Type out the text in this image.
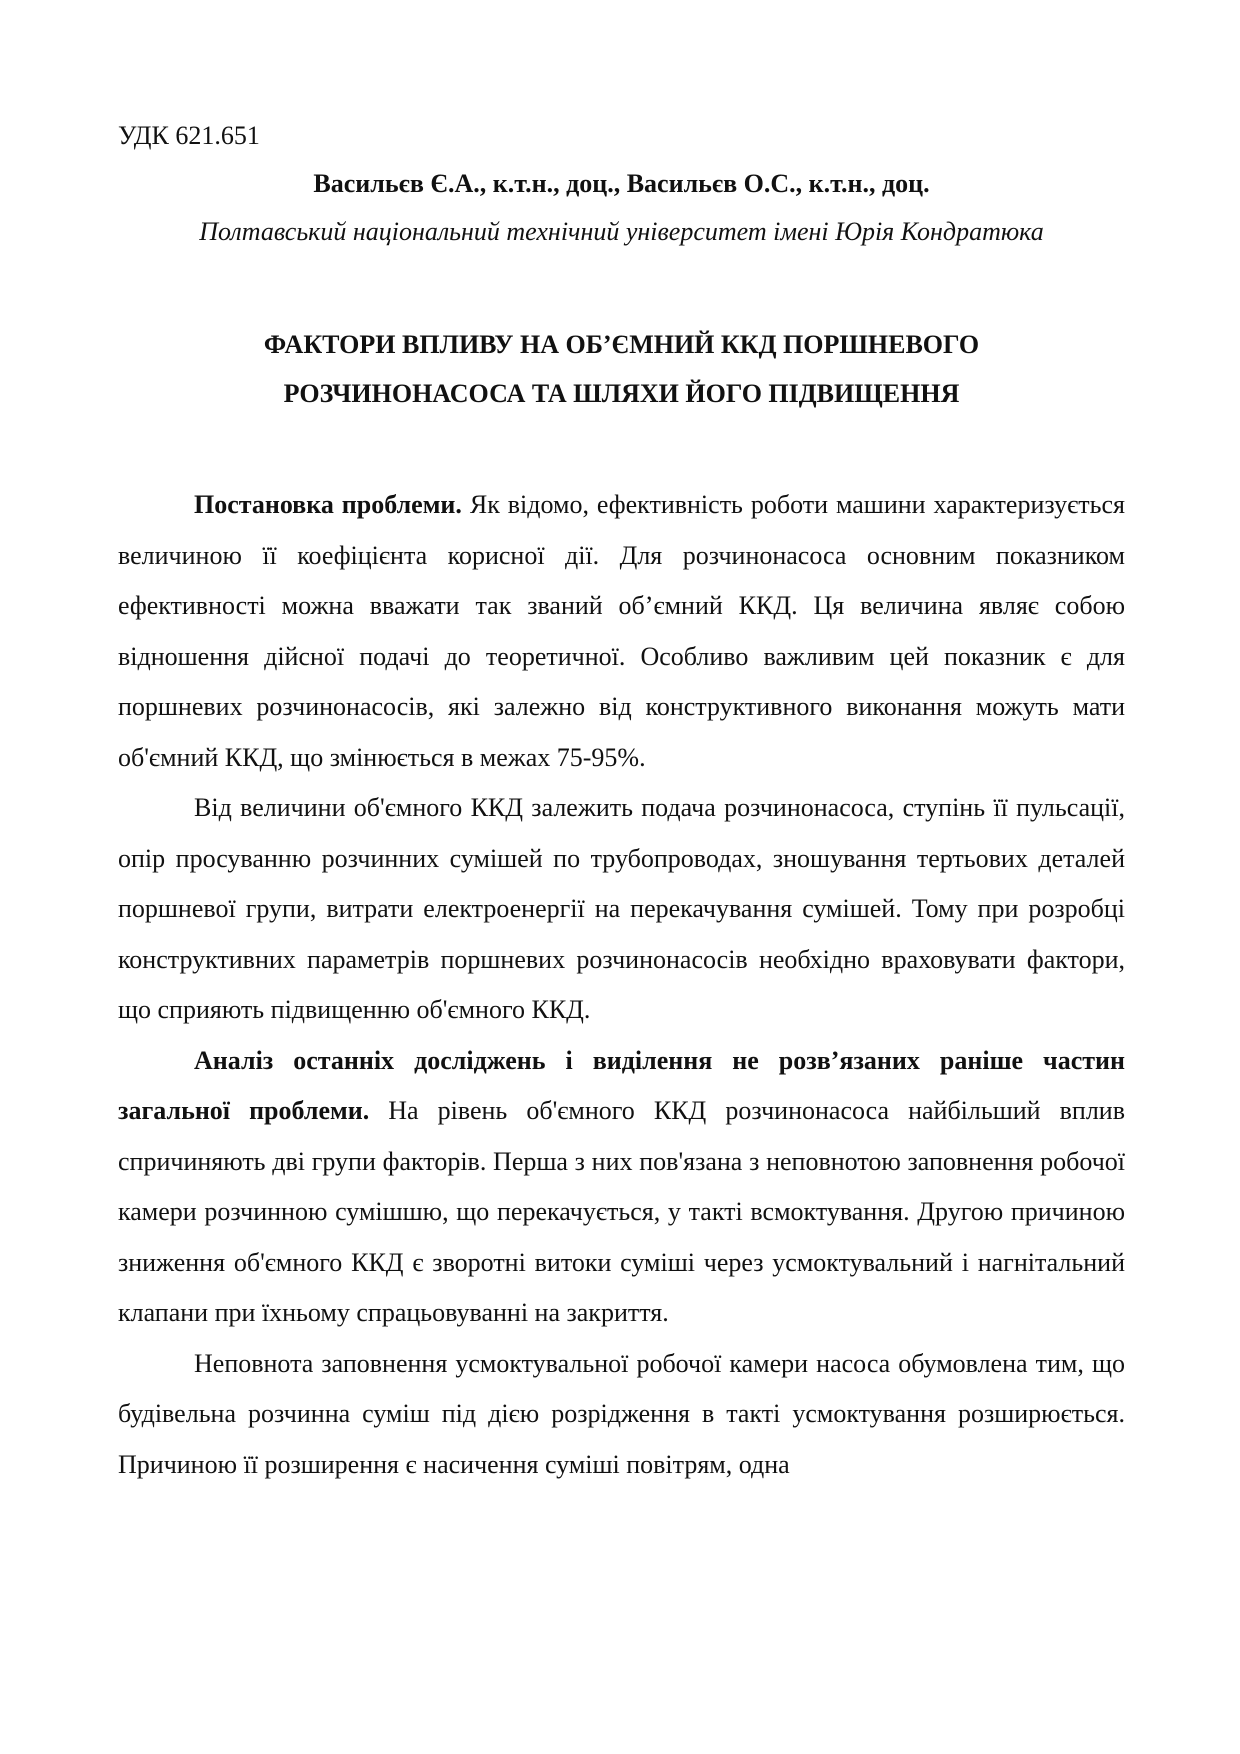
УДК 621.651

Васильєв Є.А., к.т.н., доц., Васильєв О.С., к.т.н., доц.

Полтавський національний технічний університет імені Юрія Кондратюка

ФАКТОРИ ВПЛИВУ НА ОБ’ЄМНИЙ ККД ПОРШНЕВОГО
РОЗЧИНОНАСОСА ТА ШЛЯХИ ЙОГО ПІДВИЩЕННЯ

Постановка проблеми. Як відомо, ефективність роботи машини характеризується величиною її коефіцієнта корисної дії. Для розчинонасоса основним показником ефективності можна вважати так званий об’ємний ККД. Ця величина являє собою відношення дійсної подачі до теоретичної. Особливо важливим цей показник є для поршневих розчинонасосів, які залежно від конструктивного виконання можуть мати об'ємний ККД, що змінюється в межах 75-95%.

Від величини об'ємного ККД залежить подача розчинонасоса, ступінь її пульсації, опір просуванню розчинних сумішей по трубопроводах, зношування тертьових деталей поршневої групи, витрати електроенергії на перекачування сумішей. Тому при розробці конструктивних параметрів поршневих розчинонасосів необхідно враховувати фактори, що сприяють підвищенню об'ємного ККД.

Аналіз останніх досліджень і виділення не розв’язаних раніше частин загальної проблеми. На рівень об'ємного ККД розчинонасоса найбільший вплив спричиняють дві групи факторів. Перша з них пов'язана з неповнотою заповнення робочої камери розчинною сумішшю, що перекачується, у такті всмоктування. Другою причиною зниження об'ємного ККД є зворотні витоки суміші через усмоктувальний і нагнітальний клапани при їхньому спрацьовуванні на закриття.

Неповнота заповнення усмоктувальної робочої камери насоса обумовлена тим, що будівельна розчинна суміш під дією розрідження в такті усмоктування розширюється. Причиною її розширення є насичення суміші повітрям, одна
